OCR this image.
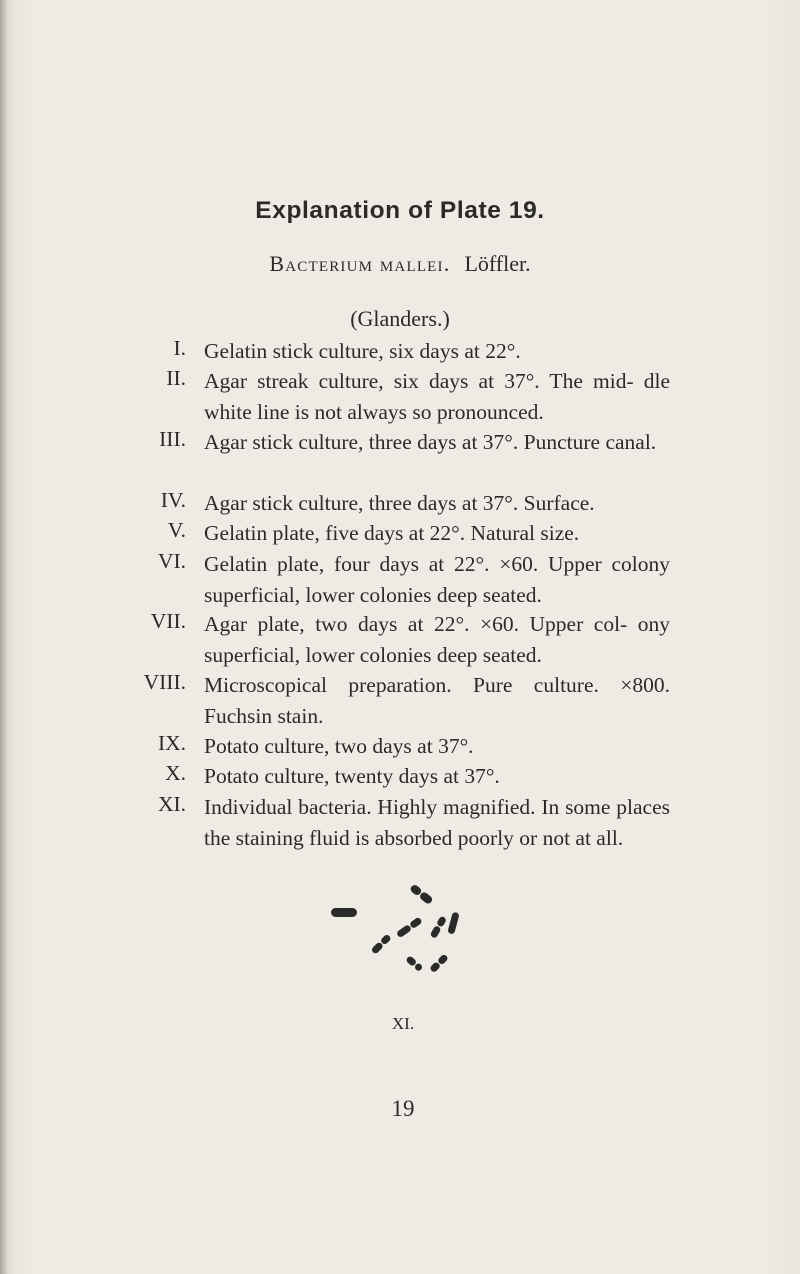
Explanation of Plate 19.
Bacterium mallei. Löffler.
(Glanders.)
I. Gelatin stick culture, six days at 22°.
II. Agar streak culture, six days at 37°. The mid- dle white line is not always so pronounced.
III. Agar stick culture, three days at 37°. Puncture canal.
IV. Agar stick culture, three days at 37°. Surface.
V. Gelatin plate, five days at 22°. Natural size.
VI. Gelatin plate, four days at 22°. ×60. Upper colony superficial, lower colonies deep seated.
VII. Agar plate, two days at 22°. ×60. Upper col- ony superficial, lower colonies deep seated.
VIII. Microscopical preparation. Pure culture. ×800. Fuchsin stain.
IX. Potato culture, two days at 37°.
X. Potato culture, twenty days at 37°.
XI. Individual bacteria. Highly magnified. In some places the staining fluid is absorbed poorly or not at all.
XI.
19
